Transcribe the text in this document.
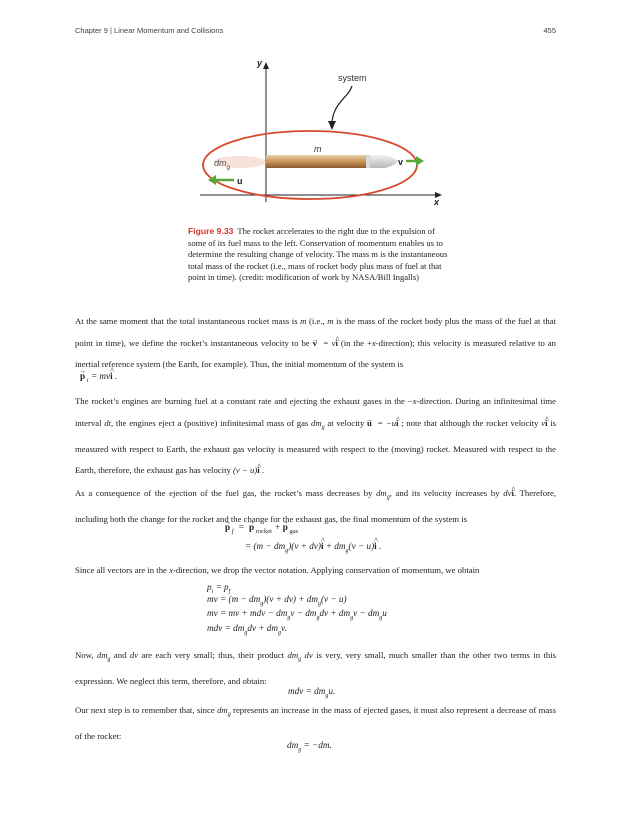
Chapter 9 | Linear Momentum and Collisions	455
y
x
system
m
$dm_g$
v
u
Figure 9.33 The rocket accelerates to the right due to the expulsion of some of its fuel mass to the left. Conservation of momentum enables us to determine the resulting change of velocity. The mass m is the instantaneous total mass of the rocket (i.e., mass of rocket body plus mass of fuel at that point in time). (credit: modification of work by NASA/Bill Ingalls)
At the same moment that the total instantaneous rocket mass is m (i.e., m is the mass of the rocket body plus the mass of the fuel at that point in time), we define the rocket’s instantaneous velocity to be → v  = v^ i (in the +x-direction); this velocity is measured relative to an inertial reference system (the Earth, for example). Thus, the initial momentum of the system is
→ p $_i$ = mv^ i .
The rocket’s engines are burning fuel at a constant rate and ejecting the exhaust gases in the −x-direction. During an infinitesimal time interval dt, the engines eject a (positive) infinitesimal mass of gas $dm_g$ at velocity → u  = −u^ i ; note that although the rocket velocity v^ i is measured with respect to Earth, the exhaust gas velocity is measured with respect to the (moving) rocket. Measured with respect to the Earth, therefore, the exhaust gas has velocity (v − u)^ i .
As a consequence of the ejection of the fuel gas, the rocket’s mass decreases by $dm_g$, and its velocity increases by dv^ i. Therefore, including both the change for the rocket and the change for the exhaust gas, the final momentum of the system is
→ p $_f$ = → p $_{rocket}$ + → p $_{gas}$
= $(m - dm_g)(v$ + dv)^ $i + dm_g(v$ − u)^ i .
Since all vectors are in the x-direction, we drop the vector notation. Applying conservation of momentum, we obtain
$p_i = p_f$
mv = $(m - dm_g)(v + dv) + dm_g(v - u)$
mv = mv + mdv − $dm_gv - dm_gdv + dm_gv - dm_gu$
mdv = $dm_gdv + dm_gv$.
Now, $dm_g$ and dv are each very small; thus, their product $dm_g$ dv is very, very small, much smaller than the other two terms in this expression. We neglect this term, therefore, and obtain:
mdv = $dm_gu$.
Our next step is to remember that, since $dm_g$ represents an increase in the mass of ejected gases, it must also represent a decrease of mass of the rocket:
$dm_g = -dm$.
